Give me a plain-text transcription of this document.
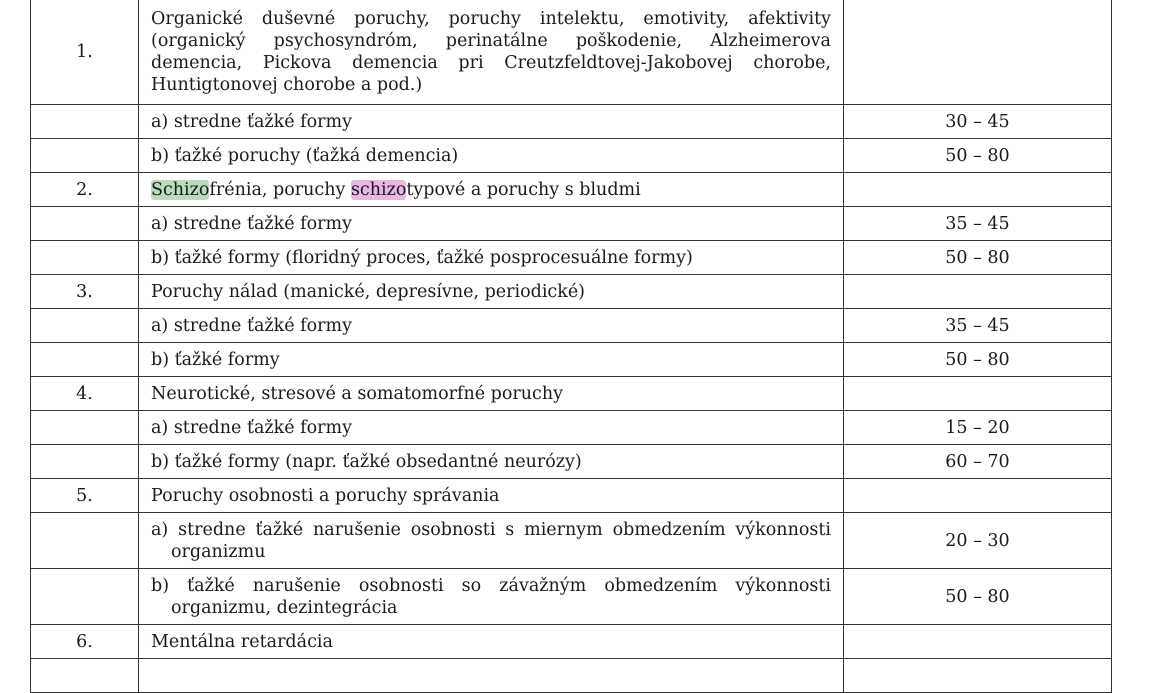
1.	Organické duševné poruchy, poruchy intelektu, emotivity, afektivity (organický psychosyndróm, perinatálne poškodenie, Alzheimerova demencia, Pickova demencia pri Creutzfeldtovej-Jakobovej chorobe, Huntigtonovej chorobe a pod.)	
	a) stredne ťažké formy	30 – 45
	b) ťažké poruchy (ťažká demencia)	50 – 80
2.	Schizofrénia, poruchy schizotypové a poruchy s bludmi	
	a) stredne ťažké formy	35 – 45
	b) ťažké formy (floridný proces, ťažké posprocesuálne formy)	50 – 80
3.	Poruchy nálad (manické, depresívne, periodické)	
	a) stredne ťažké formy	35 – 45
	b) ťažké formy	50 – 80
4.	Neurotické, stresové a somatomorfné poruchy	
	a) stredne ťažké formy	15 – 20
	b) ťažké formy (napr. ťažké obsedantné neurózy)	60 – 70
5.	Poruchy osobnosti a poruchy správania	

	a) stredne ťažké narušenie osobnosti s miernym obmedzením výkonnosti organizmu	20 – 30

	b) ťažké narušenie osobnosti so závažným obmedzením výkonnosti organizmu, dezintegrácia	50 – 80
6.	Mentálna retardácia	
